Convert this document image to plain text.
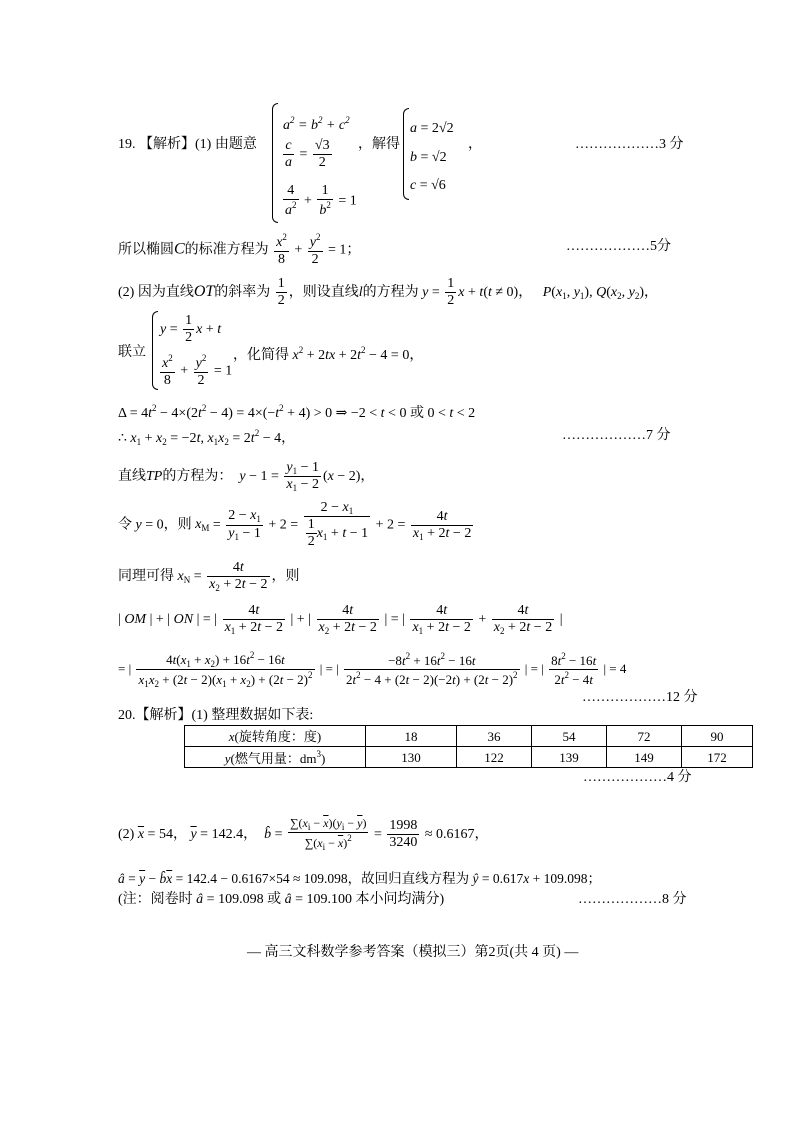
19. 【解析】(1) 由题意
$a^2 = b^2 + c^2$
$\frac{c}{a} = \frac{√3}{2}$
$\frac{4}{a^2} + \frac{1}{b^2} = 1$
，解得
a = 2√2
b = √2
c = √6
，	………………3 分
所以椭圆C的标准方程为 $\frac{x^2}{8} + \frac{y^2}{2} = 1$；	………………5分
(2) 因为直线OT的斜率为 $\frac{1}{2}$ ，则设直线l的方程为 $y = \frac{1}{2}$ x + t(t ≠ 0)，   $P(x_1$, $y_1$), $Q(x_2$, $y_2$)，
联立
$y = \frac{1}{2}$ x + t
$\frac{x^2}{8} + \frac{y^2}{2} = 1$
，化简得 $x^2 + 2tx + 2t^2 - 4 = 0$，
$\Delta = 4t^2 - 4\times(2t^2 - 4) = 4\times(-t^2 + 4) > 0$ ⇒ −2 < t < 0 或 0 < t < 2
∴ $x_1 + x_2 = -2t$, $x_1x_2 = 2t^2 - 4$，	………………7 分
直线TP的方程为：  $y - 1 = \frac{y_1 - 1}{x_1 - 2} (x - 2)$，
令 y = 0，则 $x_M = \frac{2 - x_1}{y_1 - 1} + 2 = \frac{2 - x_1}{\frac{1}{2} x_1 + t - 1} + 2 = \frac{4t}{x_1 + 2t - 2}$
同理可得 $x_N = \frac{4t}{x_2 + 2t - 2}$ ，则
| OM | + | ON | = | $\frac{4t}{x_1 + 2t - 2}$ | + | $\frac{4t}{x_2 + 2t - 2}$ | = | $\frac{4t}{x_1 + 2t - 2} + \frac{4t}{x_2 + 2t - 2}$ |
= | $\frac{4t(x_1 + x_2) + 16t^2 - 16t}{x_1x_2 + (2t - 2)(x_1 + x_2) + (2t - 2)^2}$ | = | $\frac{-8t^2 + 16t^2 - 16t}{2t^2 - 4 + (2t - 2)(-2t) + (2t - 2)^2}$ | = | $\frac{8t^2 - 16t}{2t^2 - 4t}$ | = 4
………………12 分
20.【解析】(1) 整理数据如下表:
x(旋转角度：度)	18	36	54	72	90
y(燃气用量：$dm^3$)	130	122	139	149	172
………………4 分
(2) $\overline{x} = 54$， $\overline{y} = 142.4$，  b̂ = $\frac{\sum(x_i - \overline{x})(y_i - \overline{y})}{\sum(x_i - \overline{x})^2} = \frac{1998}{3240} \approx 0.6167$，
â = $\overline{y}$ − $b̂\overline{x} = 142.4 - 0.6167\times 54 \approx 109.098$，故回归直线方程为 ŷ = 0.617x + 109.098；
(注：阅卷时 â = 109.098 或 â = 109.100 本小问均满分)	………………8 分
— 高三文科数学参考答案（模拟三）第2页(共 4 页) —
